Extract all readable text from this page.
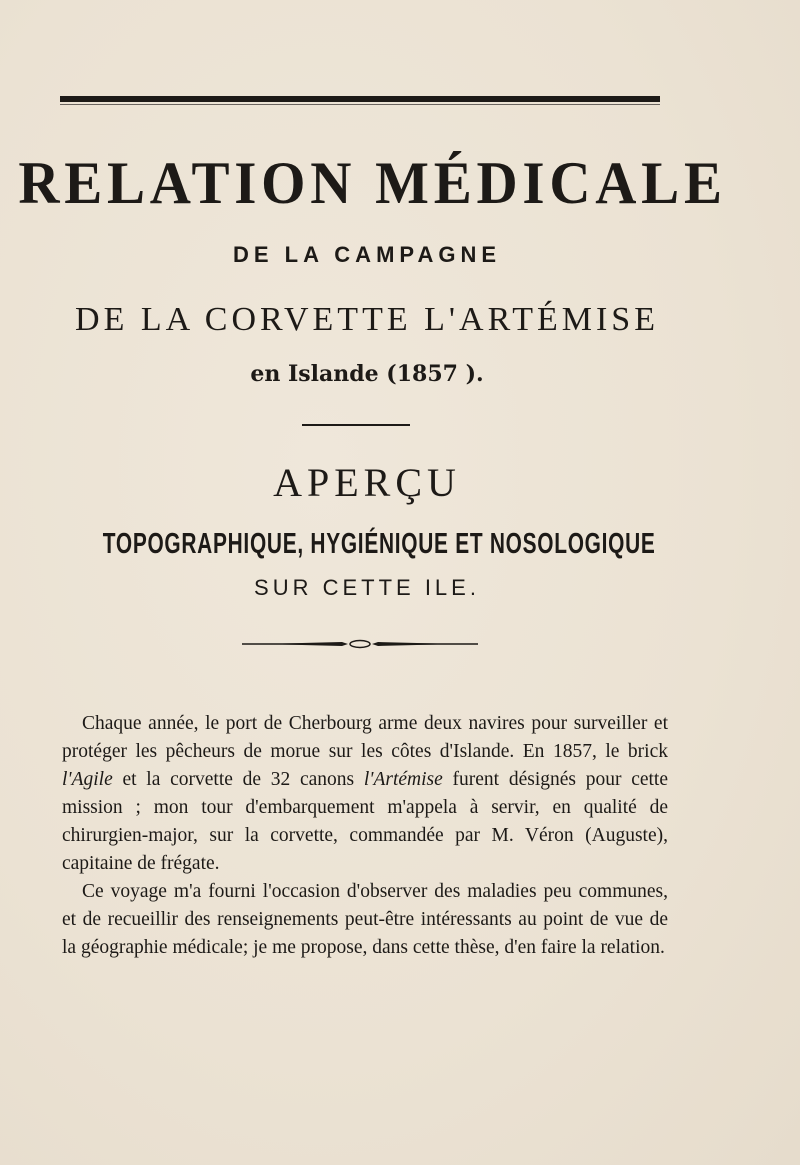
RELATION MÉDICALE
DE LA CAMPAGNE
DE LA CORVETTE L'ARTÉMISE
en Islande (1857 ).
APERÇU
TOPOGRAPHIQUE, HYGIÉNIQUE ET NOSOLOGIQUE
SUR CETTE ILE.

Chaque année, le port de Cherbourg arme deux navires pour surveiller et protéger les pêcheurs de morue sur les côtes d'Islande. En 1857, le brick l'Agile et la corvette de 32 canons l'Artémise furent désignés pour cette mission ; mon tour d'embarquement m'appela à servir, en qualité de chirurgien-major, sur la corvette, commandée par M. Véron (Auguste), capitaine de frégate.

Ce voyage m'a fourni l'occasion d'observer des maladies peu communes, et de recueillir des renseignements peut-être intéressants au point de vue de la géographie médicale; je me propose, dans cette thèse, d'en faire la relation.
